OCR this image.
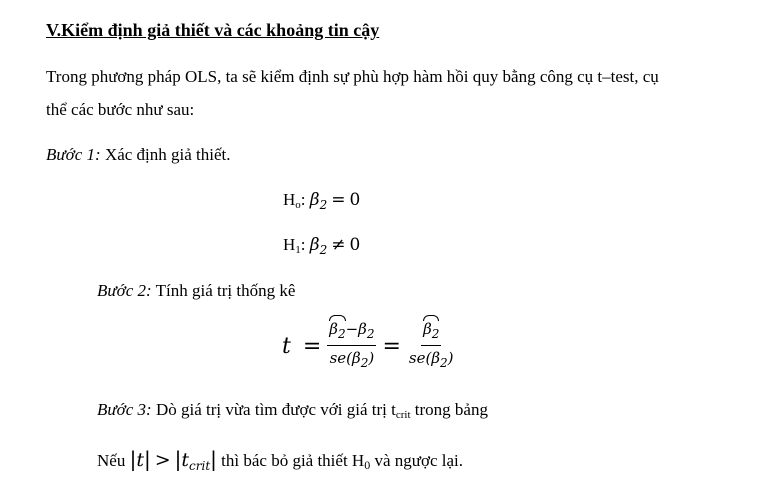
V.Kiểm định giả thiết và các khoảng tin cậy
Trong phương pháp OLS, ta sẽ kiểm định sự phù hợp hàm hồi quy bằng công cụ t–test, cụ
thể các bước như sau:
Bước 1: Xác định giả thiết.
$H_o$: $\beta_2 = 0$
$H_1$: $\beta_2 \ne 0$
Bước 2: Tính giá trị thống kê
$t = \frac{\beta_2-\beta_2}{se(\beta_2)} = \frac{\beta_2}{se(\beta_2)}$
Bước 3: Dò giá trị vừa tìm được với giá trị $t_{crit}$ trong bảng
Nếu $|t| > |t_{crit}|$ thì bác bỏ giả thiết H0 và ngược lại.
